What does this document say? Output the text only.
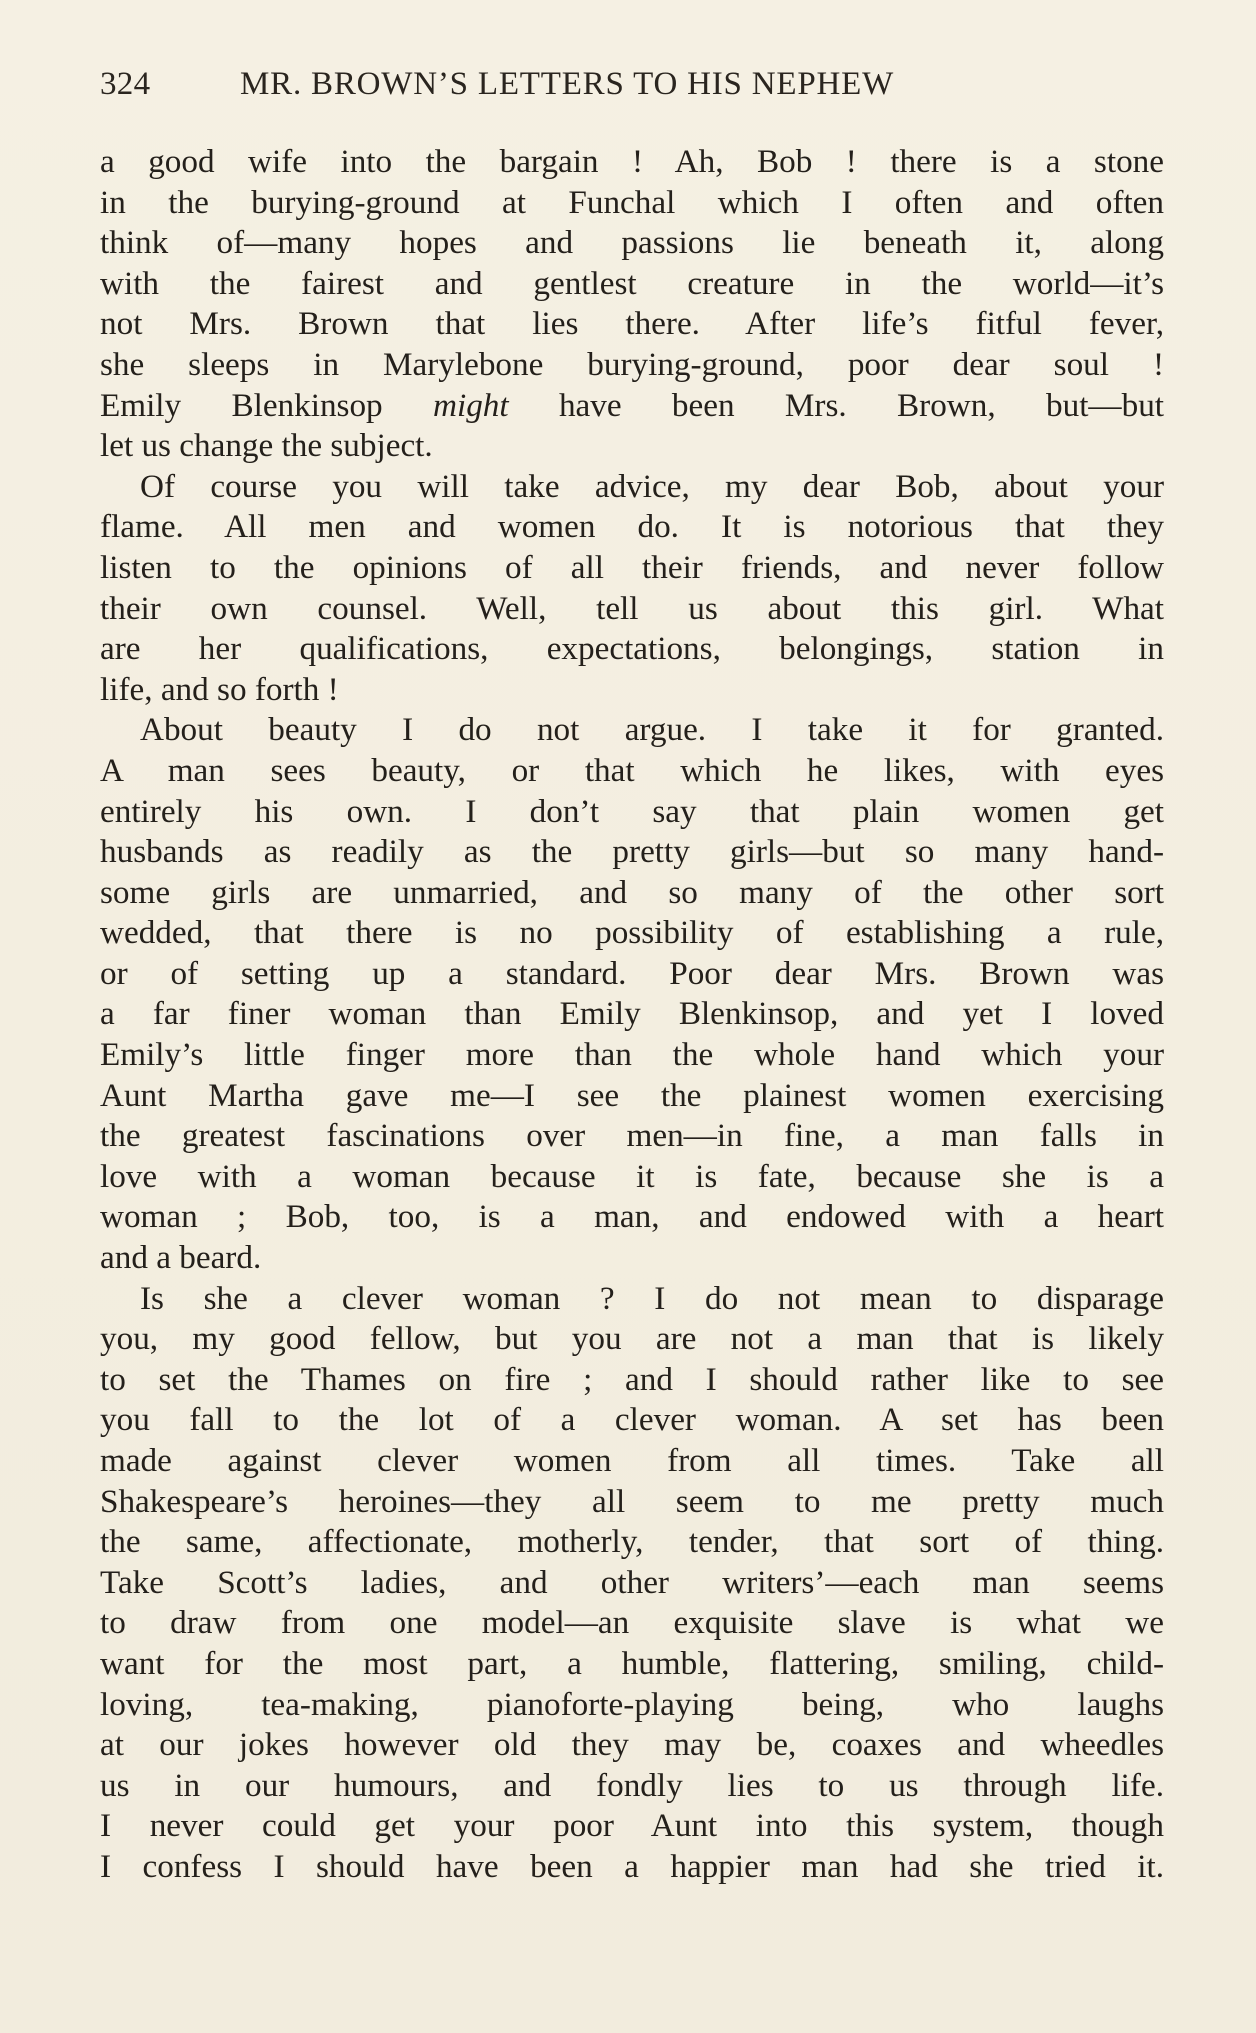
324	MR. BROWN’S LETTERS TO HIS NEPHEW
a good wife into the bargain ! Ah, Bob ! there is a stone
in the burying-ground at Funchal which I often and often
think of—many hopes and passions lie beneath it, along
with the fairest and gentlest creature in the world—it’s
not Mrs. Brown that lies there. After life’s fitful fever,
she sleeps in Marylebone burying-ground, poor dear soul !
Emily Blenkinsop might have been Mrs. Brown, but—but
let us change the subject.
Of course you will take advice, my dear Bob, about your
flame. All men and women do. It is notorious that they
listen to the opinions of all their friends, and never follow
their own counsel. Well, tell us about this girl. What
are her qualifications, expectations, belongings, station in
life, and so forth !
About beauty I do not argue. I take it for granted.
A man sees beauty, or that which he likes, with eyes
entirely his own. I don’t say that plain women get
husbands as readily as the pretty girls—but so many hand-
some girls are unmarried, and so many of the other sort
wedded, that there is no possibility of establishing a rule,
or of setting up a standard. Poor dear Mrs. Brown was
a far finer woman than Emily Blenkinsop, and yet I loved
Emily’s little finger more than the whole hand which your
Aunt Martha gave me—I see the plainest women exercising
the greatest fascinations over men—in fine, a man falls in
love with a woman because it is fate, because she is a
woman ; Bob, too, is a man, and endowed with a heart
and a beard.
Is she a clever woman ? I do not mean to disparage
you, my good fellow, but you are not a man that is likely
to set the Thames on fire ; and I should rather like to see
you fall to the lot of a clever woman. A set has been
made against clever women from all times. Take all
Shakespeare’s heroines—they all seem to me pretty much
the same, affectionate, motherly, tender, that sort of thing.
Take Scott’s ladies, and other writers’—each man seems
to draw from one model—an exquisite slave is what we
want for the most part, a humble, flattering, smiling, child-
loving, tea-making, pianoforte-playing being, who laughs
at our jokes however old they may be, coaxes and wheedles
us in our humours, and fondly lies to us through life.
I never could get your poor Aunt into this system, though
I confess I should have been a happier man had she tried it.
